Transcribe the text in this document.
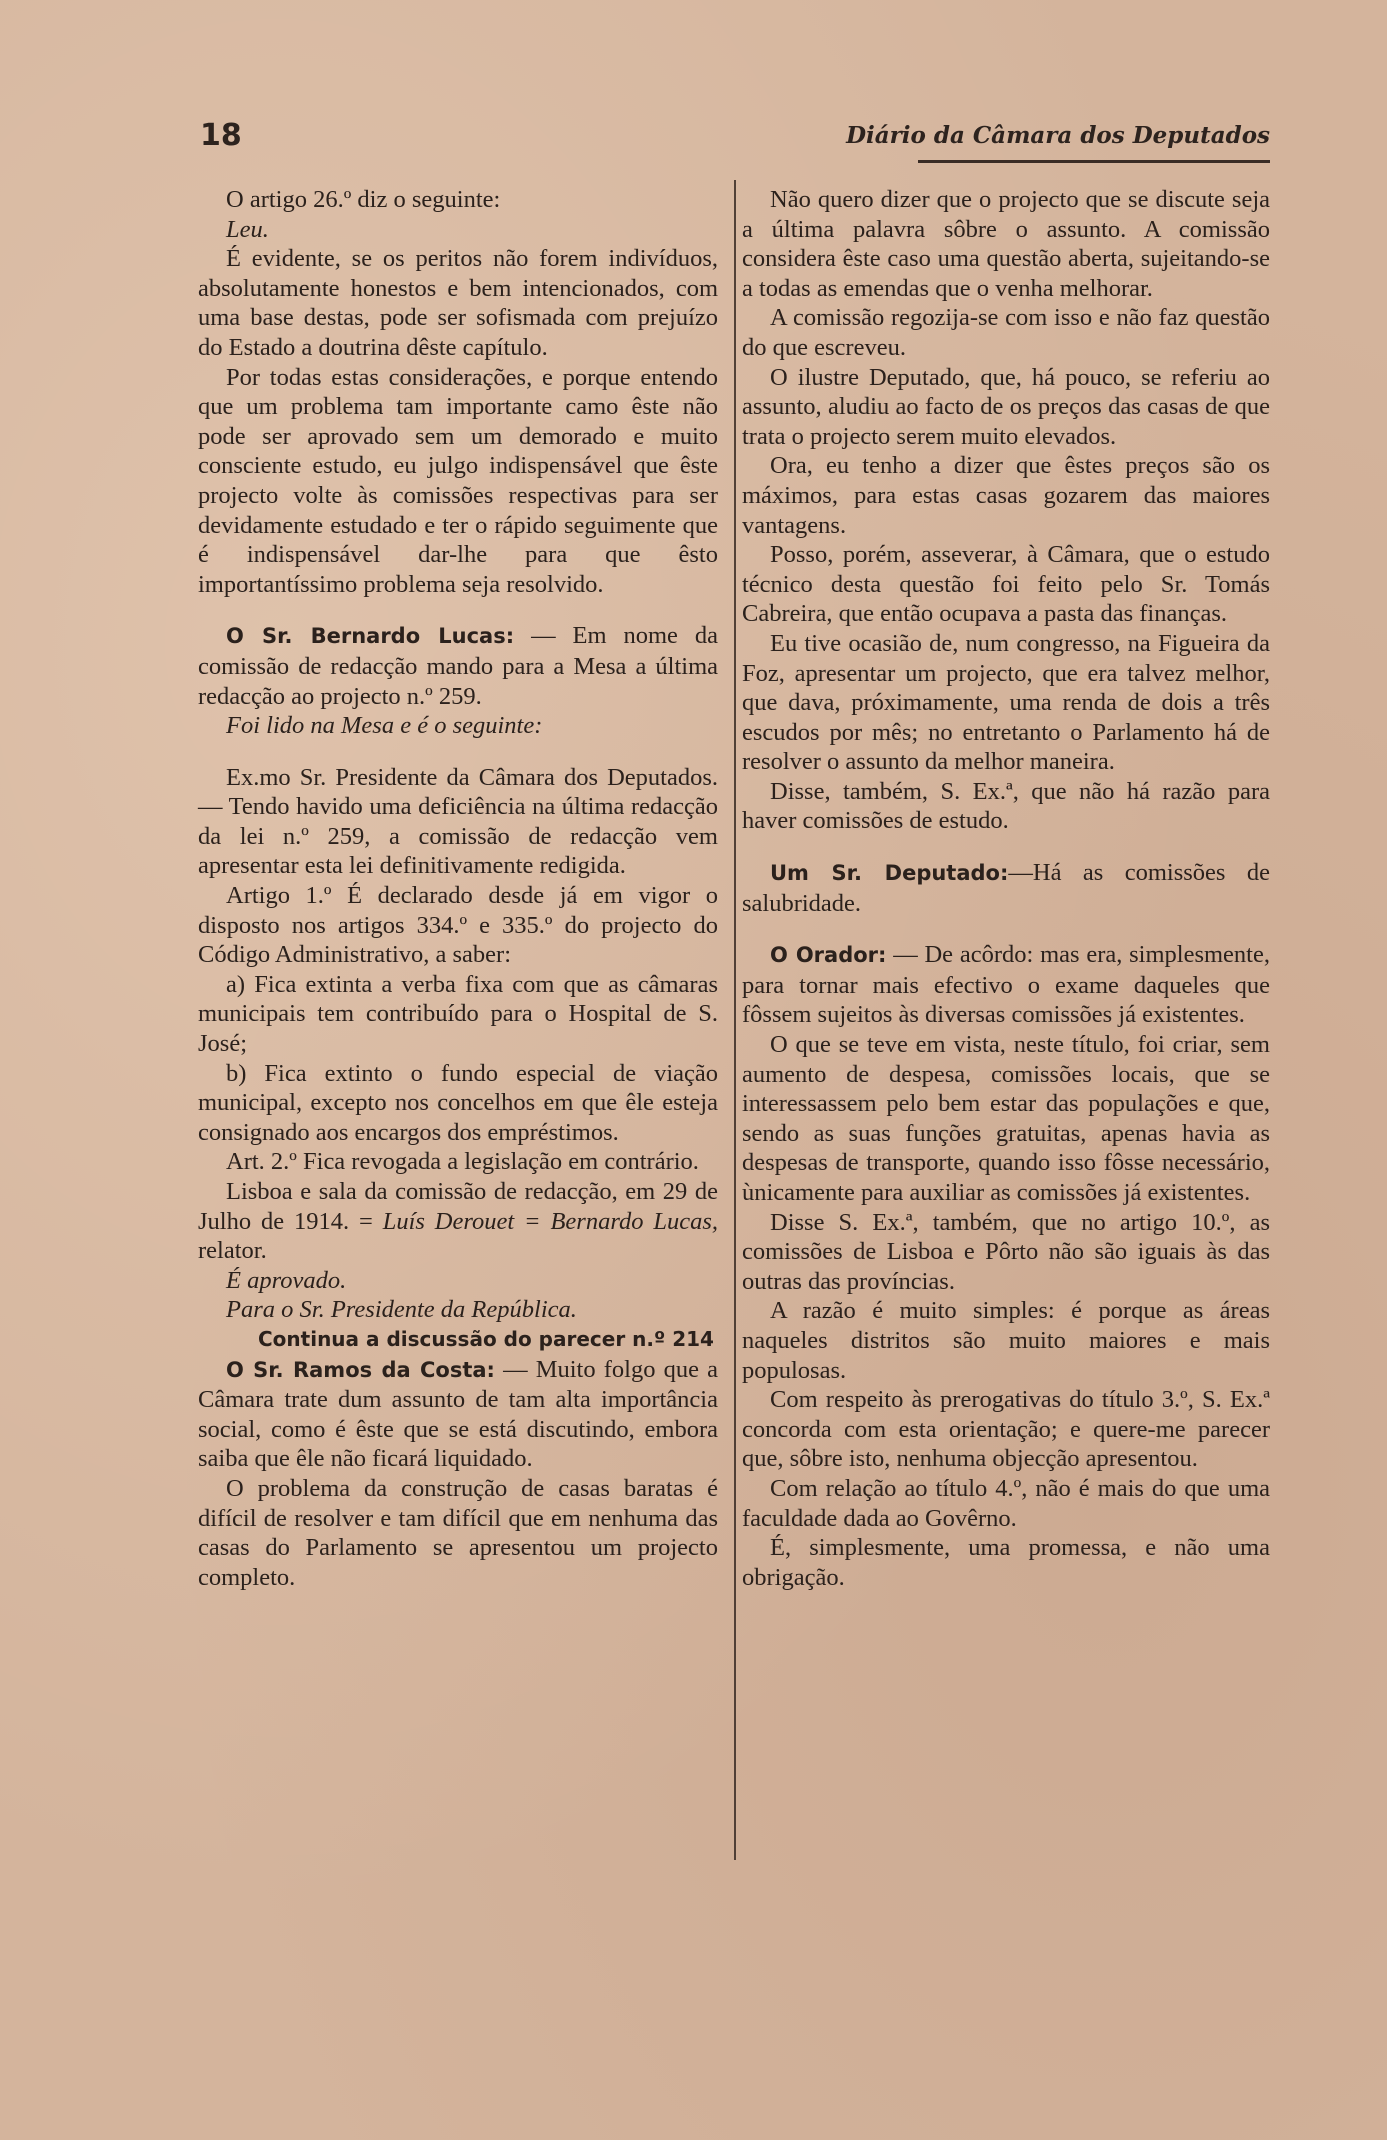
18	Diário da Câmara dos Deputados

O artigo 26.º diz o seguinte:

Leu.

É evidente, se os peritos não forem indivíduos, absolutamente honestos e bem intencionados, com uma base destas, pode ser sofismada com prejuízo do Estado a doutrina dêste capítulo.

Por todas estas considerações, e porque entendo que um problema tam importante camo êste não pode ser aprovado sem um demorado e muito consciente estudo, eu julgo indispensável que êste projecto volte às comissões respectivas para ser devidamente estudado e ter o rápido seguimente que é indispensável dar-lhe para que êsto importantíssimo problema seja resolvido.

O Sr. Bernardo Lucas: — Em nome da comissão de redacção mando para a Mesa a última redacção ao projecto n.º 259.

Foi lido na Mesa e é o seguinte:

Ex.mo Sr. Presidente da Câmara dos Deputados. — Tendo havido uma deficiência na última redacção da lei n.º 259, a comissão de redacção vem apresentar esta lei definitivamente redigida.

Artigo 1.º É declarado desde já em vigor o disposto nos artigos 334.º e 335.º do projecto do Código Administrativo, a saber:

a) Fica extinta a verba fixa com que as câmaras municipais tem contribuído para o Hospital de S. José;

b) Fica extinto o fundo especial de viação municipal, excepto nos concelhos em que êle esteja consignado aos encargos dos empréstimos.

Art. 2.º Fica revogada a legislação em contrário.

Lisboa e sala da comissão de redacção, em 29 de Julho de 1914. = Luís Derouet = Bernardo Lucas, relator.

É aprovado.

Para o Sr. Presidente da República.

Continua a discussão do parecer n.º 214

O Sr. Ramos da Costa: — Muito folgo que a Câmara trate dum assunto de tam alta importância social, como é êste que se está discutindo, embora saiba que êle não ficará liquidado.

O problema da construção de casas baratas é difícil de resolver e tam difícil que em nenhuma das casas do Parlamento se apresentou um projecto completo.

Não quero dizer que o projecto que se discute seja a última palavra sôbre o assunto. A comissão considera êste caso uma questão aberta, sujeitando-se a todas as emendas que o venha melhorar.

A comissão regozija-se com isso e não faz questão do que escreveu.

O ilustre Deputado, que, há pouco, se referiu ao assunto, aludiu ao facto de os preços das casas de que trata o projecto serem muito elevados.

Ora, eu tenho a dizer que êstes preços são os máximos, para estas casas gozarem das maiores vantagens.

Posso, porém, asseverar, à Câmara, que o estudo técnico desta questão foi feito pelo Sr. Tomás Cabreira, que então ocupava a pasta das finanças.

Eu tive ocasião de, num congresso, na Figueira da Foz, apresentar um projecto, que era talvez melhor, que dava, próximamente, uma renda de dois a três escudos por mês; no entretanto o Parlamento há de resolver o assunto da melhor maneira.

Disse, também, S. Ex.ª, que não há razão para haver comissões de estudo.

Um Sr. Deputado:—Há as comissões de salubridade.

O Orador: — De acôrdo: mas era, simplesmente, para tornar mais efectivo o exame daqueles que fôssem sujeitos às diversas comissões já existentes.

O que se teve em vista, neste título, foi criar, sem aumento de despesa, comissões locais, que se interessassem pelo bem estar das populações e que, sendo as suas funções gratuitas, apenas havia as despesas de transporte, quando isso fôsse necessário, ùnicamente para auxiliar as comissões já existentes.

Disse S. Ex.ª, também, que no artigo 10.º, as comissões de Lisboa e Pôrto não são iguais às das outras das províncias.

A razão é muito simples: é porque as áreas naqueles distritos são muito maiores e mais populosas.

Com respeito às prerogativas do título 3.º, S. Ex.ª concorda com esta orientação; e quere-me parecer que, sôbre isto, nenhuma objecção apresentou.

Com relação ao título 4.º, não é mais do que uma faculdade dada ao Govêrno.

É, simplesmente, uma promessa, e não uma obrigação.
